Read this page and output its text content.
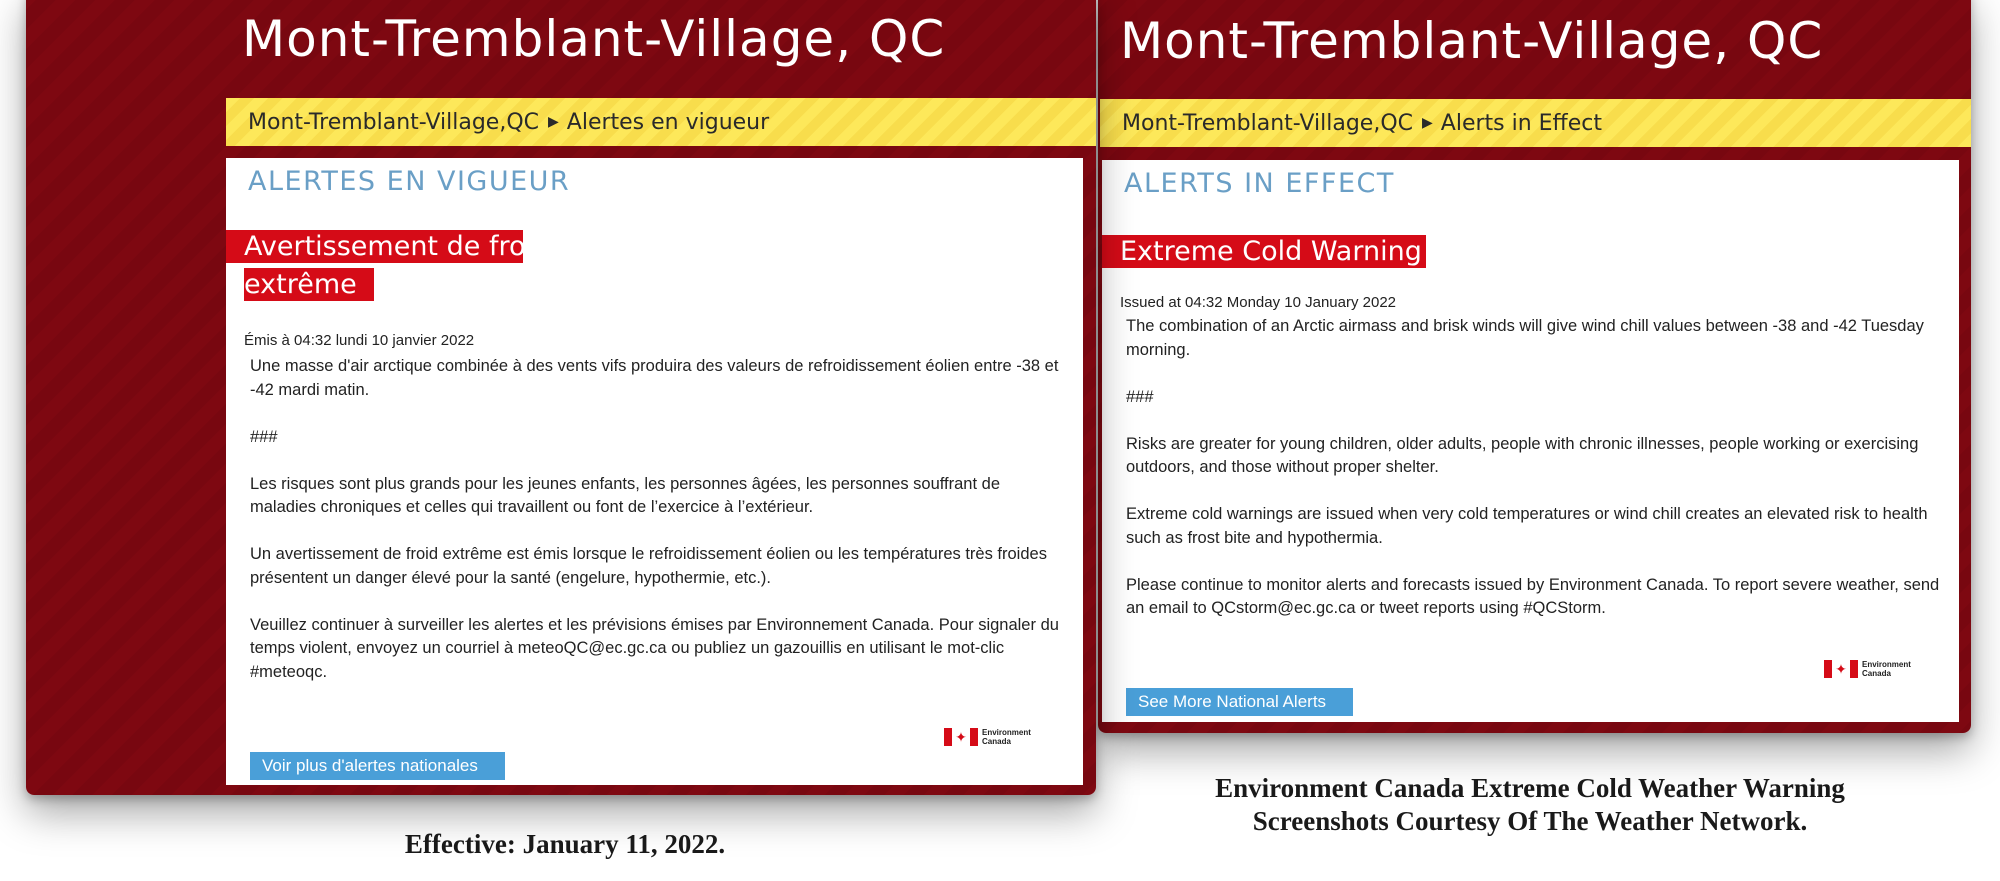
Mont-Tremblant-Village, QC
Mont-Tremblant-Village,QC ▶ Alertes en vigueur
ALERTES EN VIGUEUR
Avertissement de froid
extrême
Émis à 04:32 lundi 10 janvier 2022

Une masse d'air arctique combinée à des vents vifs produira des valeurs de refroidissement éolien entre -38 et -42 mardi matin.

###

Les risques sont plus grands pour les jeunes enfants, les personnes âgées, les personnes souffrant de maladies chroniques et celles qui travaillent ou font de l’exercice à l’extérieur.

Un avertissement de froid extrême est émis lorsque le refroidissement éolien ou les températures très froides présentent un danger élevé pour la santé (engelure, hypothermie, etc.).

Veuillez continuer à surveiller les alertes et les prévisions émises par Environnement Canada. Pour signaler du temps violent, envoyez un courriel à meteoQC@ec.gc.ca ou publiez un gazouillis en utilisant le mot-clic #meteoqc.

✦	Environment
Canada
Voir plus d'alertes nationales
Mont-Tremblant-Village, QC
Mont-Tremblant-Village,QC ▶ Alerts in Effect
ALERTS IN EFFECT
Extreme Cold Warning
Issued at 04:32 Monday 10 January 2022

The combination of an Arctic airmass and brisk winds will give wind chill values between -38 and -42 Tuesday morning.

###

Risks are greater for young children, older adults, people with chronic illnesses, people working or exercising outdoors, and those without proper shelter.

Extreme cold warnings are issued when very cold temperatures or wind chill creates an elevated risk to health such as frost bite and hypothermia.

Please continue to monitor alerts and forecasts issued by Environment Canada. To report severe weather, send an email to QCstorm@ec.gc.ca or tweet reports using #QCStorm.

✦	Environment
Canada
See More National Alerts
Effective: January 11, 2022.
Environment Canada Extreme Cold Weather Warning
Screenshots Courtesy Of The Weather Network.
